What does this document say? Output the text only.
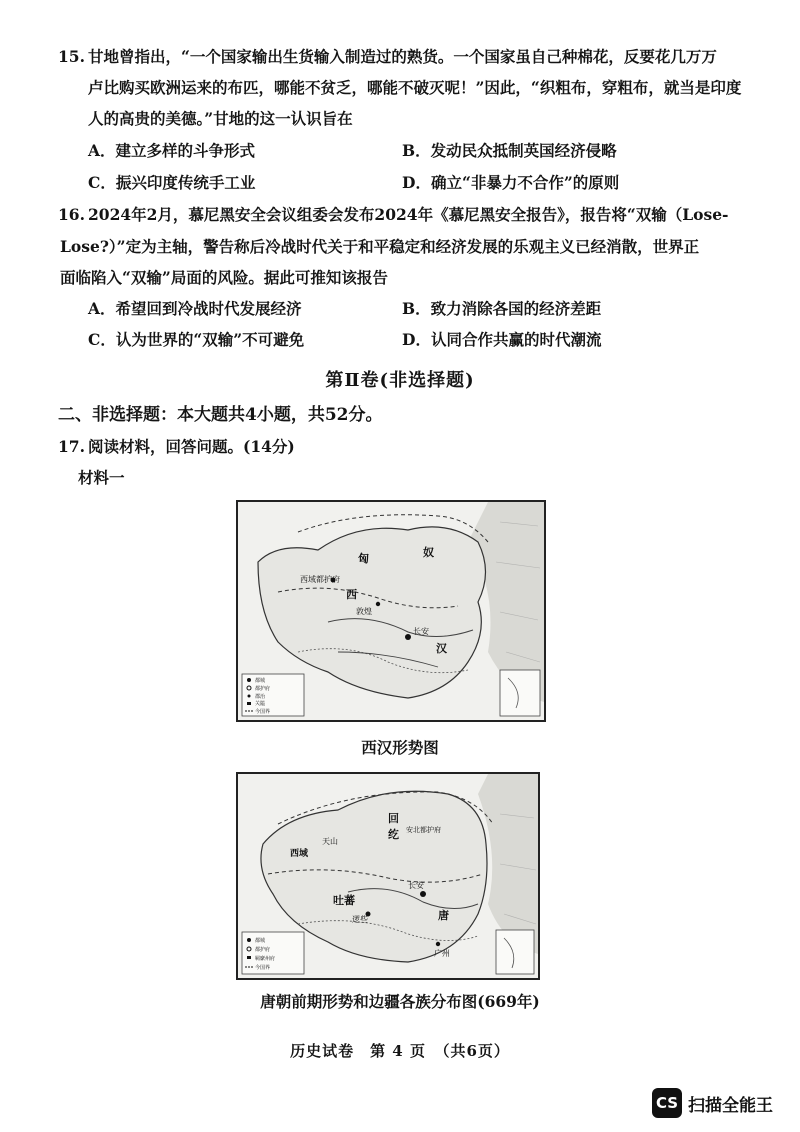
15. 甘地曾指出，“一个国家输出生货输入制造过的熟货。一个国家虽自己种棉花，反要花几万万
卢比购买欧洲运来的布匹，哪能不贫乏，哪能不破灭呢！”因此，“织粗布，穿粗布，就当是印度
人的高贵的美德。”甘地的这一认识旨在
A．建立多样的斗争形式	B．发动民众抵制英国经济侵略
C．振兴印度传统手工业	D．确立“非暴力不合作”的原则
16. 2024年2月，慕尼黑安全会议组委会发布2024年《慕尼黑安全报告》，报告将“双输（Lose-
Lose?）”定为主轴，警告称后冷战时代关于和平稳定和经济发展的乐观主义已经消散，世界正
面临陷入“双输”局面的风险。据此可推知该报告
A．希望回到冷战时代发展经济	B．致力消除各国的经济差距
C．认为世界的“双输”不可避免	D．认同合作共赢的时代潮流
第Ⅱ卷(非选择题)
二、非选择题：本大题共4小题，共52分。
17. 阅读材料，回答问题。(14分)
材料一
匈	奴
西域都护府
西
汉
长安
敦煌
都城
都护府
郡治
关隘
今国界
西汉形势图
回
纥 安北都护府
唐
长安
吐蕃
逻些
广州
西域
天山
都城
都护府
羁縻州府
今国界
唐朝前期形势和边疆各族分布图(669年)
历史试卷　第 4 页　（共6页）
CS 扫描全能王
